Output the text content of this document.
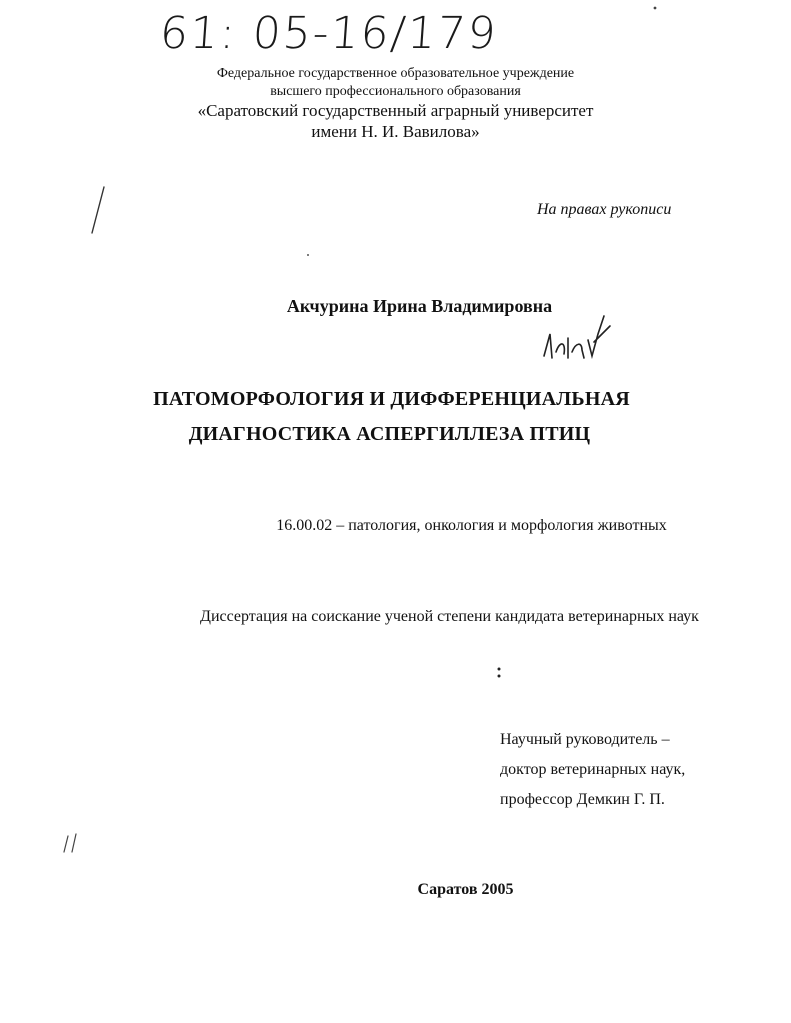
61: 05-16/179
Федеральное государственное образовательное учреждение
высшего профессионального образования
«Саратовский государственный аграрный университет
имени Н. И. Вавилова»
На правах рукописи
Акчурина Ирина Владимировна
ПАТОМОРФОЛОГИЯ И ДИФФЕРЕНЦИАЛЬНАЯ
ДИАГНОСТИКА АСПЕРГИЛЛЕЗА ПТИЦ
16.00.02 – патология, онкология и морфология животных
Диссертация на соискание ученой степени кандидата ветеринарных наук
Научный руководитель –
доктор ветеринарных наук,
профессор Демкин Г. П.
Саратов 2005
